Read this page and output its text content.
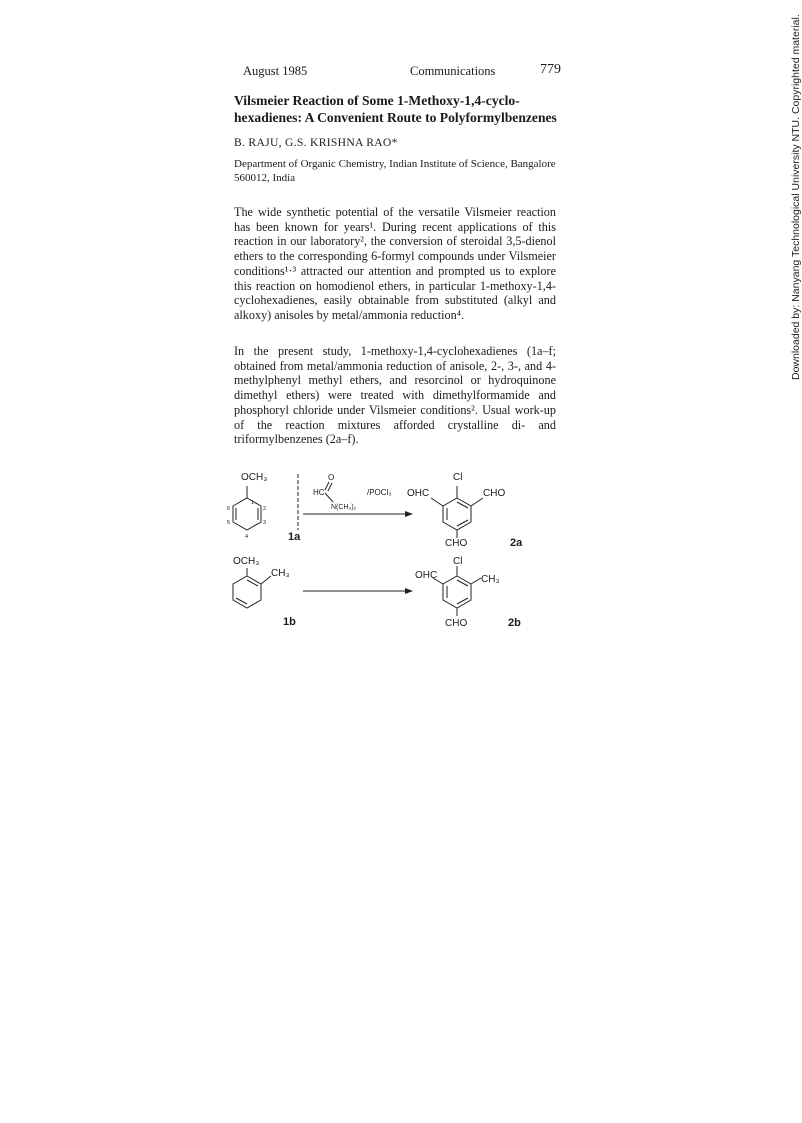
August 1985	Communications	779
Vilsmeier Reaction of Some 1-Methoxy-1,4-cyclo-
hexadienes: A Convenient Route to Polyformylbenzenes
B. RAJU, G.S. KRISHNA RAO*
Department of Organic Chemistry, Indian Institute of Science, Bangalore 560012, India

The wide synthetic potential of the versatile Vilsmeier reaction has been known for years¹. During recent applications of this reaction in our laboratory², the conversion of steroidal 3,5-dienol ethers to the corresponding 6-formyl compounds under Vilsmeier conditions¹·³ attracted our attention and prompted us to explore this reaction on homodienol ethers, in particular 1-methoxy-1,4-cyclohexadienes, easily obtainable from substituted (alkyl and alkoxy) anisoles by metal/ammonia reduction⁴.

In the present study, 1-methoxy-1,4-cyclohexadienes (1a–f; obtained from metal/ammonia reduction of anisole, 2-, 3-, and 4-methylphenyl methyl ethers, and resorcinol or hydroquinone dimethyl ethers) were treated with dimethylformamide and phosphoryl chloride under Vilsmeier conditions². Usual work-up of the reaction mixtures afforded crystalline di- and triformylbenzenes (2a–f).

OCH₃
1
2
3
4
5
6
HC
O
N(CH₃)₂
/POCl₃
1a
Cl
OHC	CHO
CHO	2a
OCH₃
CH₃
1b
Cl
OHC	CH₃
CHO	2b
Downloaded by: Nanyang Technological University NTU. Copyrighted material.
